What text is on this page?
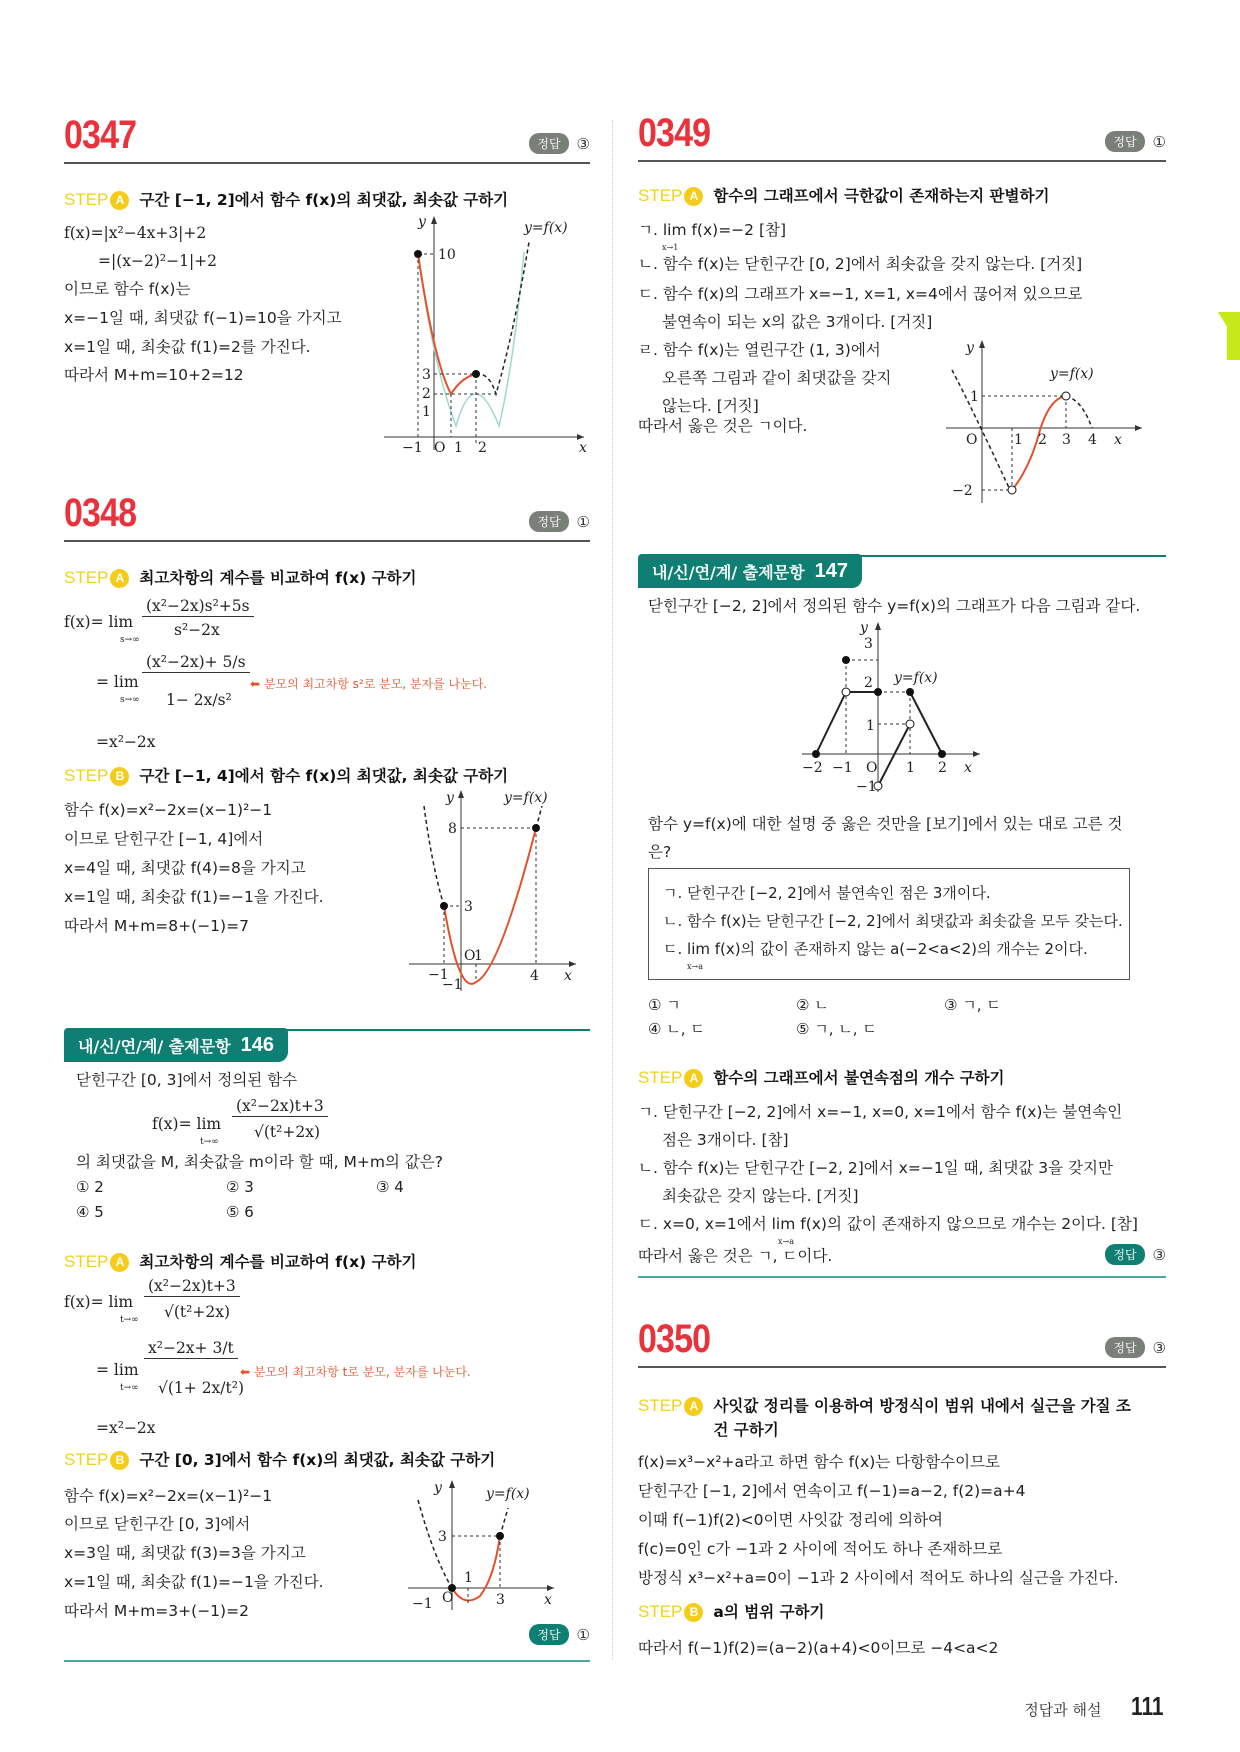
0347	정답	③
STEP A 구간 [−1, 2]에서 함수 f(x)의 최댓값, 최솟값 구하기
f(x)=|x²−4x+3|+2
=|(x−2)²−1|+2
이므로 함수 f(x)는
x=−1일 때, 최댓값 f(−1)=10을 가지고
x=1일 때, 최솟값 f(1)=2를 가진다.
따라서 M+m=10+2=12
10
3
2
1
−1 O 1 2	x
y	y=f(x)
0348	정답	①
STEP A 최고차항의 계수를 비교하여 f(x) 구하기
f(x)= lim
s→∞
(x²−2x)s²+5s
s²−2x
= lim
s→∞
(x²−2x)+ 5/s
1− 2x/s²
⬅ 분모의 최고차항 s²로 분모, 분자를 나눈다.
=x²−2x
STEP B 구간 [−1, 4]에서 함수 f(x)의 최댓값, 최솟값 구하기
함수 f(x)=x²−2x=(x−1)²−1
이므로 닫힌구간 [−1, 4]에서
x=4일 때, 최댓값 f(4)=8을 가지고
x=1일 때, 최솟값 f(1)=−1을 가진다.
따라서 M+m=8+(−1)=7
8
3
−1
−1
O
1
4 x
y	y=f(x)
내/신/연/계/ 출제문항 146
닫힌구간 [0, 3]에서 정의된 함수
f(x)= lim
t→∞
(x²−2x)t+3
√(t²+2x)
의 최댓값을 M, 최솟값을 m이라 할 때, M+m의 값은?
① 2	② 3	③ 4
④ 5	⑤ 6
STEP A 최고차항의 계수를 비교하여 f(x) 구하기
f(x)= lim
t→∞
(x²−2x)t+3
√(t²+2x)
= lim
t→∞
x²−2x+ 3/t
√(1+ 2x/t²)
⬅ 분모의 최고차항 t로 분모, 분자를 나눈다.
=x²−2x
STEP B 구간 [0, 3]에서 함수 f(x)의 최댓값, 최솟값 구하기
함수 f(x)=x²−2x=(x−1)²−1
이므로 닫힌구간 [0, 3]에서
x=3일 때, 최댓값 f(3)=3을 가지고
x=1일 때, 최솟값 f(1)=−1을 가진다.
따라서 M+m=3+(−1)=2
3
−1 O
1
3	x
y	y=f(x)
정답	①
0349	정답	①
STEP A 함수의 그래프에서 극한값이 존재하는지 판별하기
ㄱ. lim f(x)=−2 [참]
x→1
ㄴ. 함수 f(x)는 닫힌구간 [0, 2]에서 최솟값을 갖지 않는다. [거짓]
ㄷ. 함수 f(x)의 그래프가 x=−1, x=1, x=4에서 끊어져 있으므로
불연속이 되는 x의 값은 3개이다. [거짓]
ㄹ. 함수 f(x)는 열린구간 (1, 3)에서
오른쪽 그림과 같이 최댓값을 갖지
않는다. [거짓]
따라서 옳은 것은 ㄱ이다.
1
−2
O	1 2 3 4 x
y
y=f(x)
내/신/연/계/ 출제문항 147
닫힌구간 [−2, 2]에서 정의된 함수 y=f(x)의 그래프가 다음 그림과 같다.
3
2
1
−1
−2 −1 O 1 2 x
y
y=f(x)
함수 y=f(x)에 대한 설명 중 옳은 것만을 [보기]에서 있는 대로 고른 것
은?
ㄱ. 닫힌구간 [−2, 2]에서 불연속인 점은 3개이다.
ㄴ. 함수 f(x)는 닫힌구간 [−2, 2]에서 최댓값과 최솟값을 모두 갖는다.
ㄷ. lim f(x)의 값이 존재하지 않는 a(−2<a<2)의 개수는 2이다.
x→a
① ㄱ	② ㄴ	③ ㄱ, ㄷ
④ ㄴ, ㄷ	⑤ ㄱ, ㄴ, ㄷ
STEP A 함수의 그래프에서 불연속점의 개수 구하기
ㄱ. 닫힌구간 [−2, 2]에서 x=−1, x=0, x=1에서 함수 f(x)는 불연속인
점은 3개이다. [참]
ㄴ. 함수 f(x)는 닫힌구간 [−2, 2]에서 x=−1일 때, 최댓값 3을 갖지만
최솟값은 갖지 않는다. [거짓]
ㄷ. x=0, x=1에서 lim f(x)의 값이 존재하지 않으므로 개수는 2이다. [참]
x→a
따라서 옳은 것은 ㄱ, ㄷ이다.	정답	③
0350	정답	③
STEP A 사잇값 정리를 이용하여 방정식이 범위 내에서 실근을 가질 조건 구하기
f(x)=x³−x²+a라고 하면 함수 f(x)는 다항함수이므로
닫힌구간 [−1, 2]에서 연속이고 f(−1)=a−2, f(2)=a+4
이때 f(−1)f(2)<0이면 사잇값 정리에 의하여
f(c)=0인 c가 −1과 2 사이에 적어도 하나 존재하므로
방정식 x³−x²+a=0이 −1과 2 사이에서 적어도 하나의 실근을 가진다.
STEP B a의 범위 구하기
따라서 f(−1)f(2)=(a−2)(a+4)<0이므로 −4<a<2
정답과 해설 111
